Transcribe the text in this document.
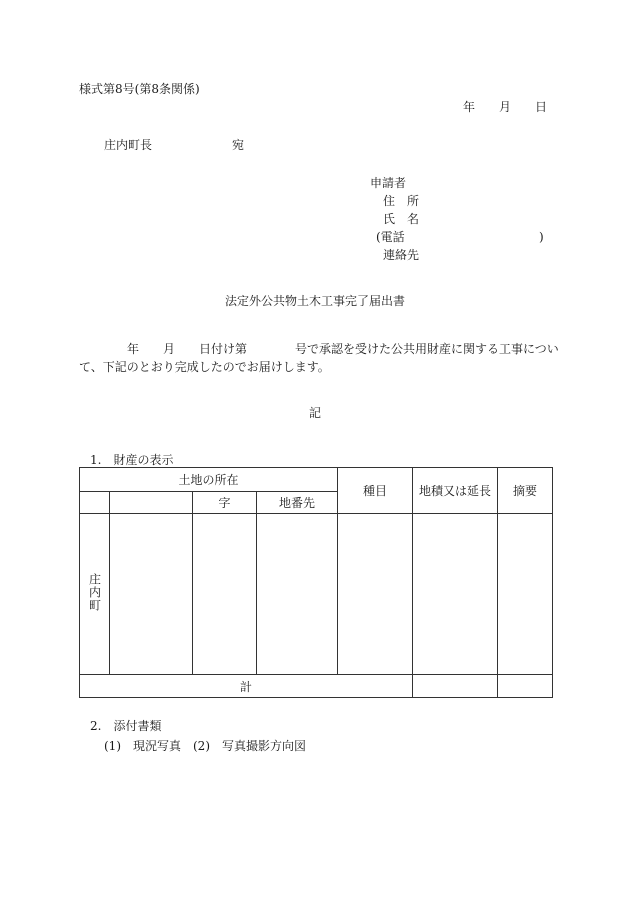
様式第8号(第8条関係)
年　　月　　日
庄内町長	宛
申請者
住　所
氏　名
(電話	)
連絡先
法定外公共物土木工事完了届出書
年　　月　　日付け第　　　　号で承認を受けた公共用財産に関する工事につい
て、下記のとおり完成したのでお届けします。
記
1.　財産の表示
土地の所在				種目	地積又は延長	摘要
		字	地番先			
庄内町						
計						
2.　添付書類
(1)　現況写真　(2)　写真撮影方向図
